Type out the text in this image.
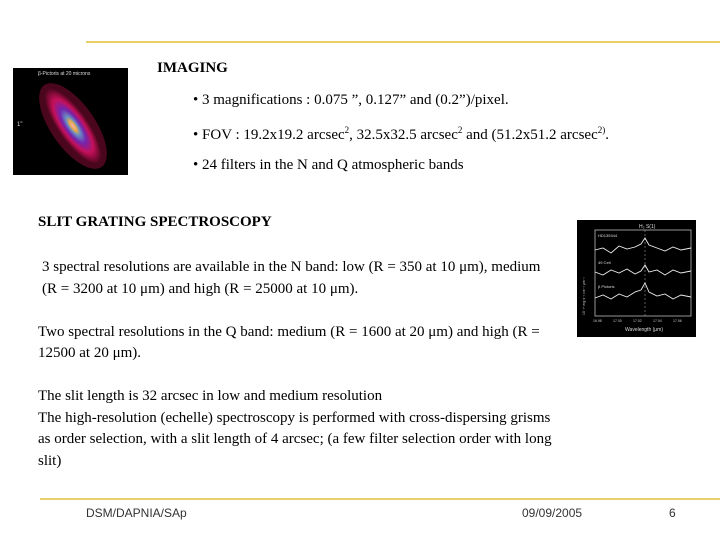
β-Pictoris at 20 microns
1"
IMAGING
• 3 magnifications : 0.075 ”, 0.127” and (0.2”)/pixel.
• FOV : 19.2x19.2 arcsec$^2$, 32.5x32.5 arcsec$^2$ and (51.2x51.2 arcsec$^{2)}$.
• 24 filters in the N and Q atmospheric bands
SLIT GRATING SPECTROSCOPY	H₂ S(1)
HD135344
49 Ceti
β Pictoris
16.98	17.00	17.02	17.04	17.06
Wavelength (μm)
10⁻¹⁶ erg s⁻¹ cm⁻² μm⁻¹

3 spectral resolutions are available in the N band: low (R = 350 at 10 μm), medium (R = 3200 at 10 μm) and high (R = 25000 at 10 μm).

Two spectral resolutions in the Q band: medium (R = 1600 at 20 μm) and high (R = 12500 at 20 μm).

The slit length is 32 arcsec in low and medium resolution

The high-resolution (echelle) spectroscopy is performed with cross-dispersing grisms as order selection, with a slit length of 4 arcsec; (a few filter selection order with long slit)

DSM/DAPNIA/SAp	09/09/2005	6
